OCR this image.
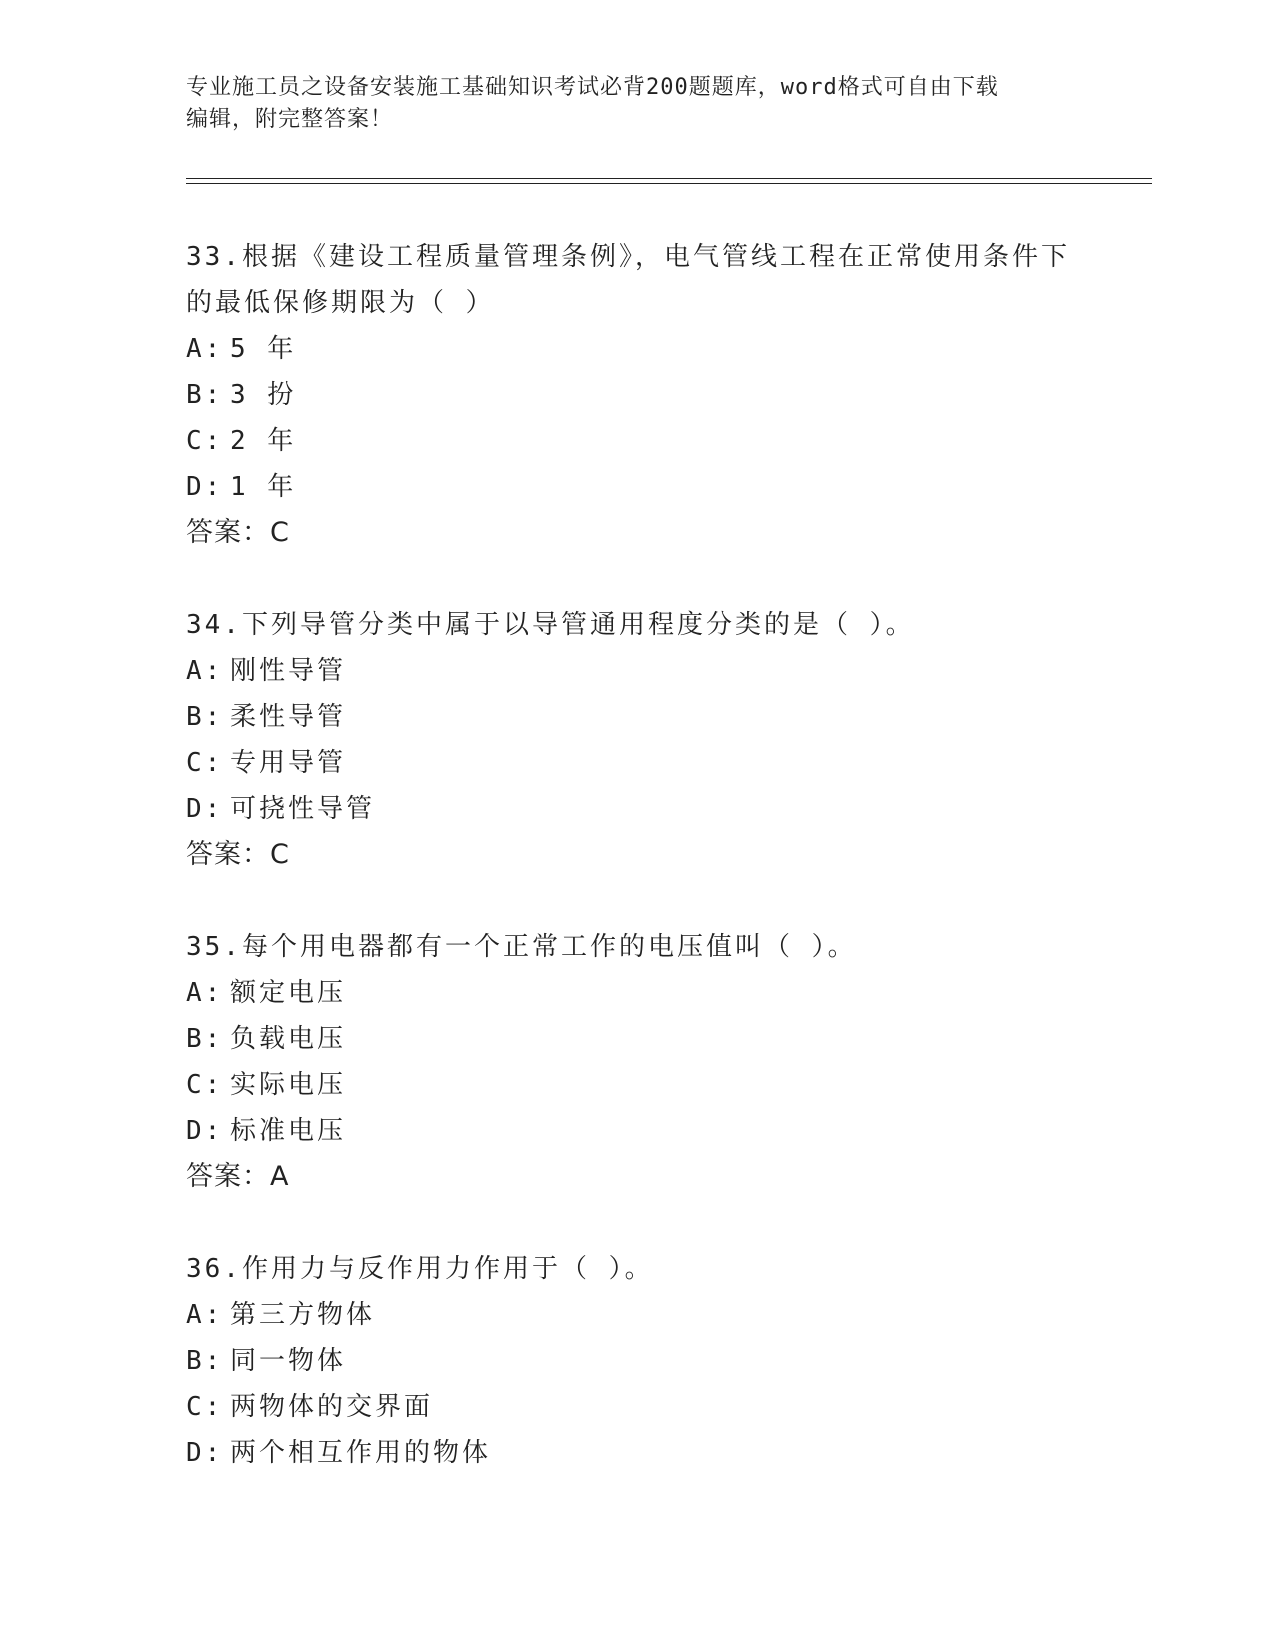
专业施工员之设备安装施工基础知识考试必背200题题库，word格式可自由下载
编辑，附完整答案！
33.根据《建设工程质量管理条例》，电气管线工程在正常使用条件下的最低保修期限为（ ）
A: 5 年
B: 3 扮
C: 2 年
D: 1 年
答案：C
34.下列导管分类中属于以导管通用程度分类的是（ ）。
A: 刚性导管
B: 柔性导管
C: 专用导管
D: 可挠性导管
答案：C
35.每个用电器都有一个正常工作的电压值叫（ ）。
A: 额定电压
B: 负载电压
C: 实际电压
D: 标准电压
答案：A
36.作用力与反作用力作用于（ ）。
A: 第三方物体
B: 同一物体
C: 两物体的交界面
D: 两个相互作用的物体
